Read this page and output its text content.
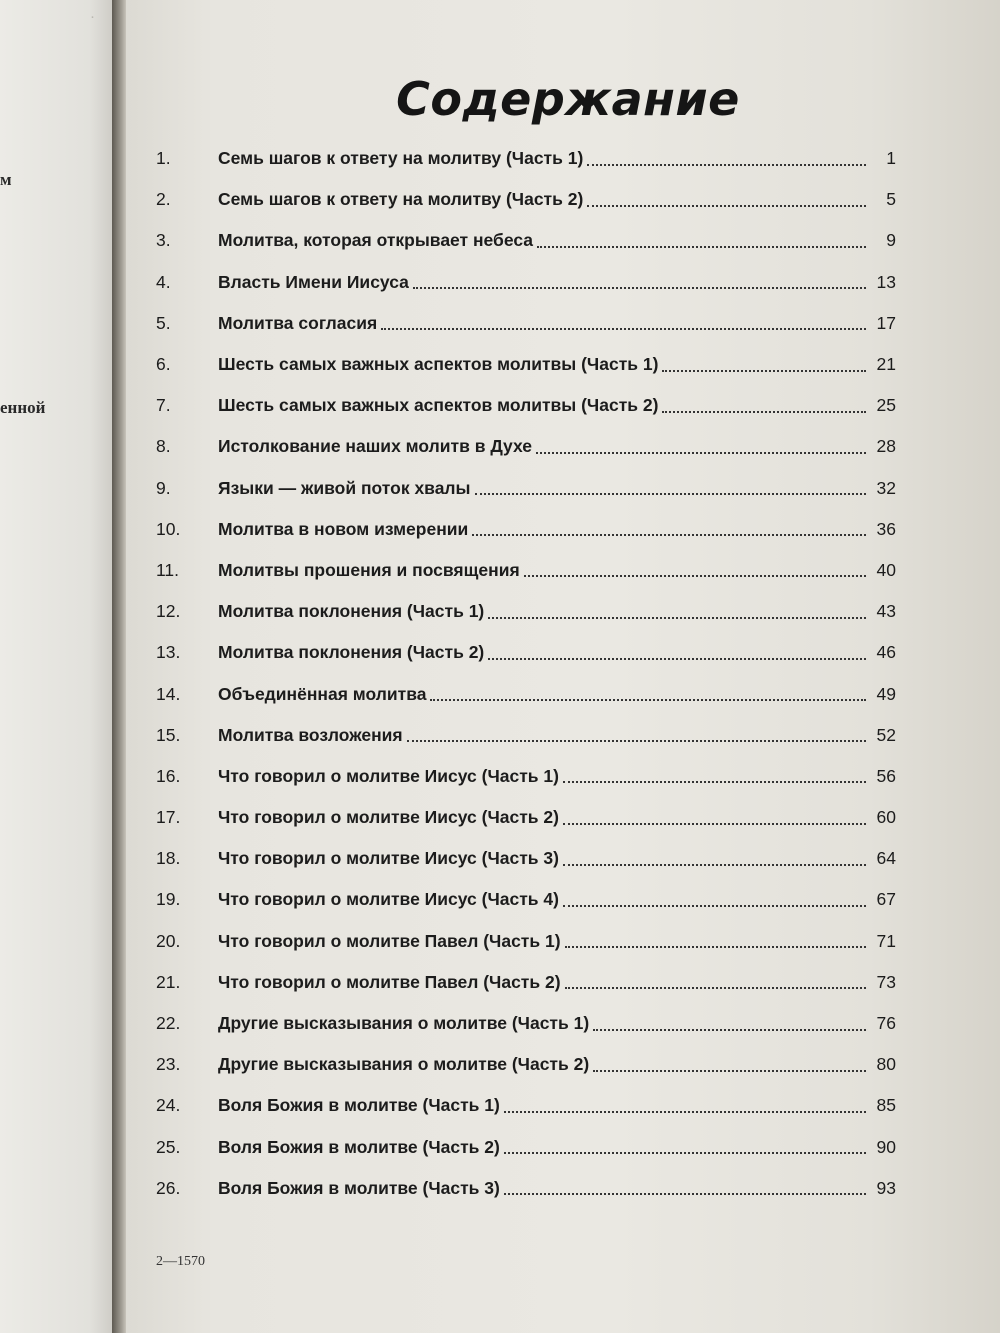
·
м
енной
Содержание
1.	Семь шагов к ответу на молитву (Часть 1)	1
2.	Семь шагов к ответу на молитву (Часть 2)	5
3.	Молитва, которая открывает небеса	9
4.	Власть Имени Иисуса	13
5.	Молитва согласия	17
6.	Шесть самых важных аспектов молитвы (Часть 1)	21
7.	Шесть самых важных аспектов молитвы (Часть 2)	25
8.	Истолкование наших молитв в Духе	28
9.	Языки — живой поток хвалы	32
10.	Молитва в новом измерении	36
11.	Молитвы прошения и посвящения	40
12.	Молитва поклонения (Часть 1)	43
13.	Молитва поклонения (Часть 2)	46
14.	Объединённая молитва	49
15.	Молитва возложения	52
16.	Что говорил о молитве Иисус (Часть 1)	56
17.	Что говорил о молитве Иисус (Часть 2)	60
18.	Что говорил о молитве Иисус (Часть 3)	64
19.	Что говорил о молитве Иисус (Часть 4)	67
20.	Что говорил о молитве Павел (Часть 1)	71
21.	Что говорил о молитве Павел (Часть 2)	73
22.	Другие высказывания о молитве (Часть 1)	76
23.	Другие высказывания о молитве (Часть 2)	80
24.	Воля Божия в молитве (Часть 1)	85
25.	Воля Божия в молитве (Часть 2)	90
26.	Воля Божия в молитве (Часть 3)	93
2—1570
